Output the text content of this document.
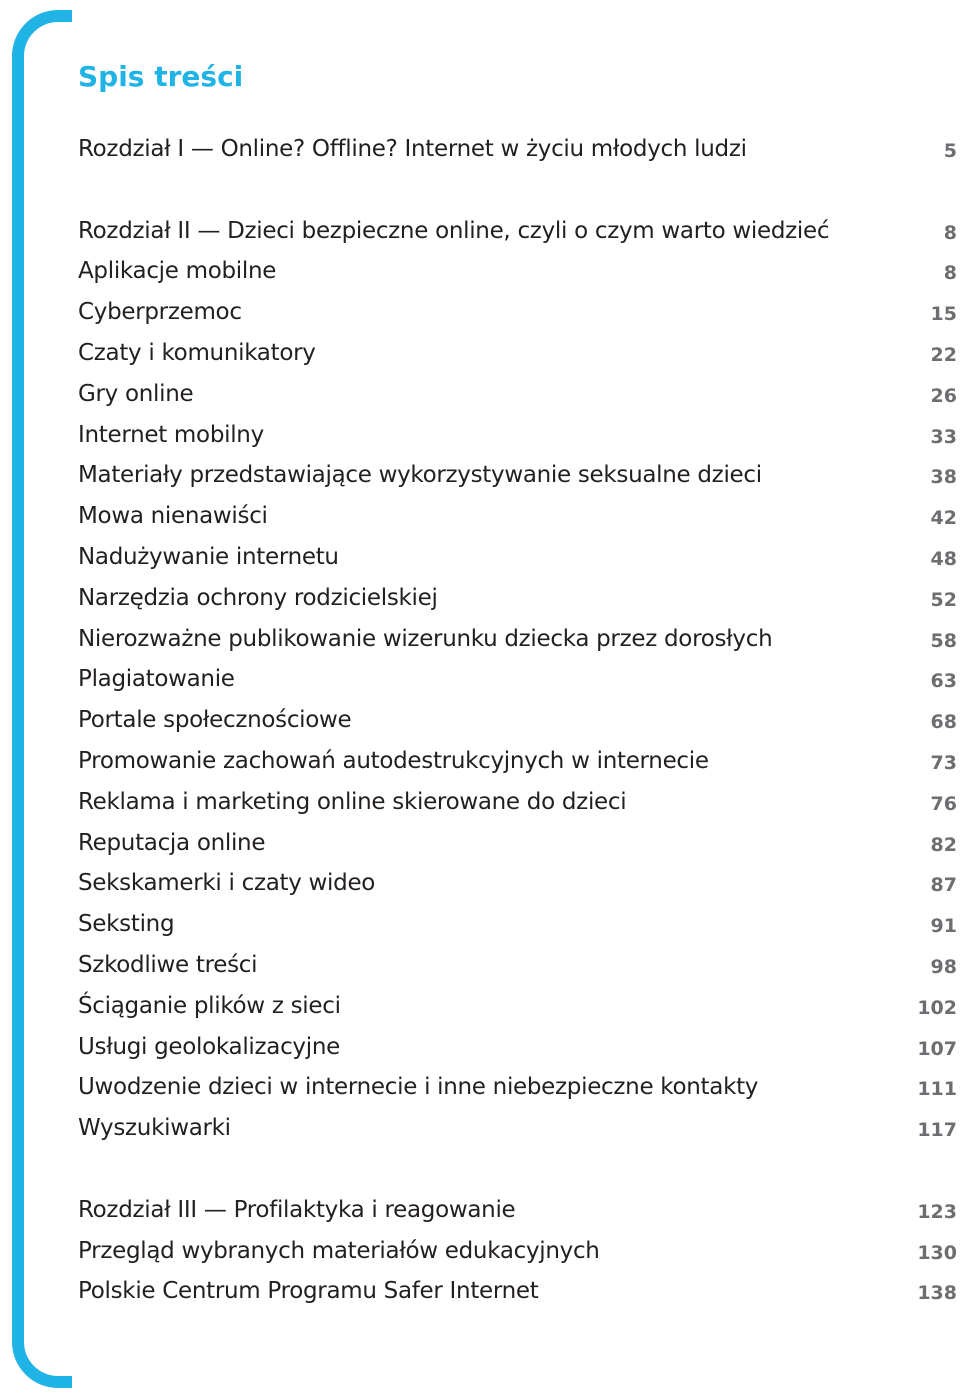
Spis treści
Rozdział I — Online? Offline? Internet w życiu młodych ludzi	5
Rozdział II — Dzieci bezpieczne online, czyli o czym warto wiedzieć	8
Aplikacje mobilne	8
Cyberprzemoc	15
Czaty i komunikatory	22
Gry online	26
Internet mobilny	33
Materiały przedstawiające wykorzystywanie seksualne dzieci	38
Mowa nienawiści	42
Nadużywanie internetu	48
Narzędzia ochrony rodzicielskiej	52
Nierozważne publikowanie wizerunku dziecka przez dorosłych	58
Plagiatowanie	63
Portale społecznościowe	68
Promowanie zachowań autodestrukcyjnych w internecie	73
Reklama i marketing online skierowane do dzieci	76
Reputacja online	82
Sekskamerki i czaty wideo	87
Seksting	91
Szkodliwe treści	98
Ściąganie plików z sieci	102
Usługi geolokalizacyjne	107
Uwodzenie dzieci w internecie i inne niebezpieczne kontakty	111
Wyszukiwarki	117
Rozdział III — Profilaktyka i reagowanie	123
Przegląd wybranych materiałów edukacyjnych	130
Polskie Centrum Programu Safer Internet	138
